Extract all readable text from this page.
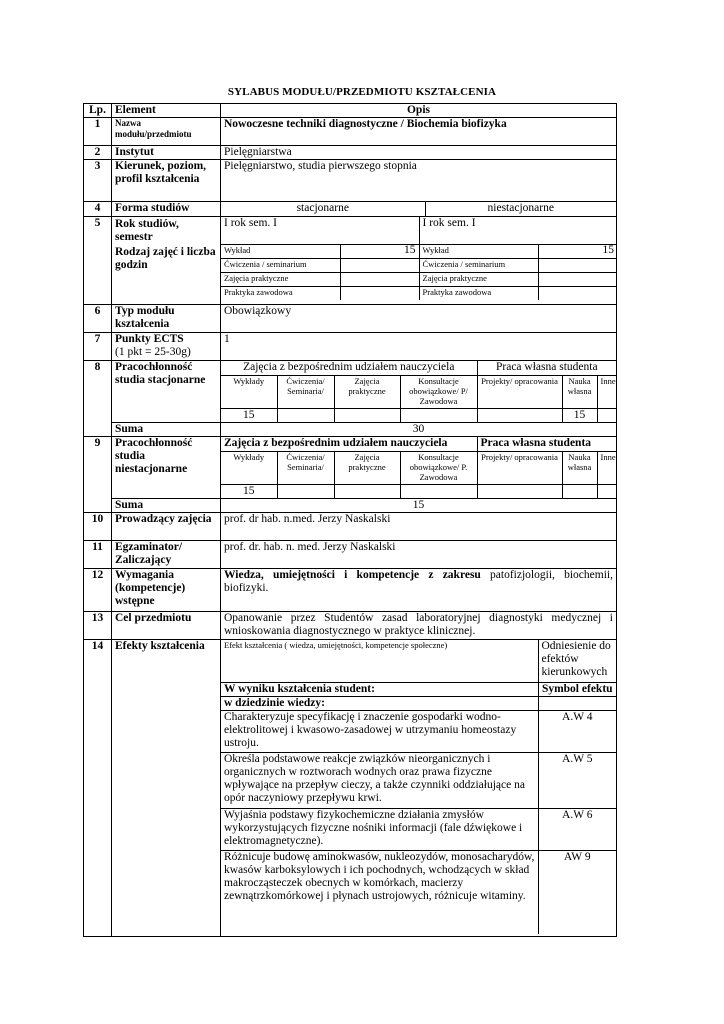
SYLABUS MODUŁU/PRZEDMIOTU KSZTAŁCENIA
Lp.	Element	Opis
1	Nazwa modułu/przedmiotu	Nowoczesne techniki diagnostyczne / Biochemia biofizyka
2	Instytut	Pielęgniarstwa
3	Kierunek, poziom, profil kształcenia	Pielęgniarstwo, studia pierwszego stopnia
4	Forma studiów		stacjonarne	niestacjonarne

5	Rok studiów, semestr
Rodzaj zajęć i liczba godzin

I rok sem. I	I rok sem. I
Wykład	15	Wykład	15
Ćwiczenia / seminarium		Ćwiczenia / seminarium	
Zajęcia praktyczne		Zajęcia praktyczne	
Praktyka zawodowa		Praktyka zawodowa	

6	Typ modułu kształcenia	Obowiązkowy
7	Punkty ECTS
(1 pkt = 25-30g)
	1
8	Pracochłonność studia stacjonarne	
Zajęcia z bezpośrednim udziałem nauczyciela	Praca własna studenta
Wykłady	Ćwiczenia/ Seminaria/	Zajęcia praktyczne	Konsultacje obowiązkowe/ P/ Zawodowa	Projekty/ opracowania	Nauka własna	Inne
15					15	

Suma	30
9	Pracochłonność studia niestacjonarne	
Zajęcia z bezpośrednim udziałem nauczyciela	Praca własna studenta
Wykłady	Ćwiczenia/ Seminaria/	Zajęcia praktyczne	Konsultacje obowiązkowe/ P. Zawodowa	Projekty/ opracowania	Nauka własna	Inne
15						

Suma	15
10	Prowadzący zajęcia	prof. dr hab. n.med. Jerzy Naskalski
11	Egzaminator/ Zaliczający	prof. dr. hab. n. med. Jerzy Naskalski
12	Wymagania (kompetencje) wstępne	Wiedza, umiejętności i kompetencje z zakresu patofizjologii, biochemii, biofizyki.
13	Cel przedmiotu	Opanowanie przez Studentów zasad laboratoryjnej diagnostyki medycznej i wnioskowania diagnostycznego w praktyce klinicznej.
14	Efekty kształcenia	Efekt kształcenia ( wiedza, umiejętności, kompetencje społeczne)	Odniesienie do efektów kierunkowych
W wyniku kształcenia student:	Symbol efektu
w dziedzinie wiedzy:	
Charakteryzuje specyfikację i znaczenie gospodarki wodno-elektrolitowej i kwasowo-zasadowej w utrzymaniu homeostazy ustroju.	A.W 4
Określa podstawowe reakcje związków nieorganicznych i organicznych w roztworach wodnych oraz prawa fizyczne wpływające na przepływ cieczy, a także czynniki oddziałujące na opór naczyniowy przepływu krwi.	A.W 5
Wyjaśnia podstawy fizykochemiczne działania zmysłów wykorzystujących fizyczne nośniki informacji (fale dźwiękowe i elektromagnetyczne).	A.W 6
Różnicuje budowę aminokwasów, nukleozydów, monosacharydów, kwasów karboksylowych i ich pochodnych, wchodzących w skład makrocząsteczek obecnych w komórkach, macierzy zewnątrzkomórkowej i płynach ustrojowych, różnicuje witaminy.	AW 9
